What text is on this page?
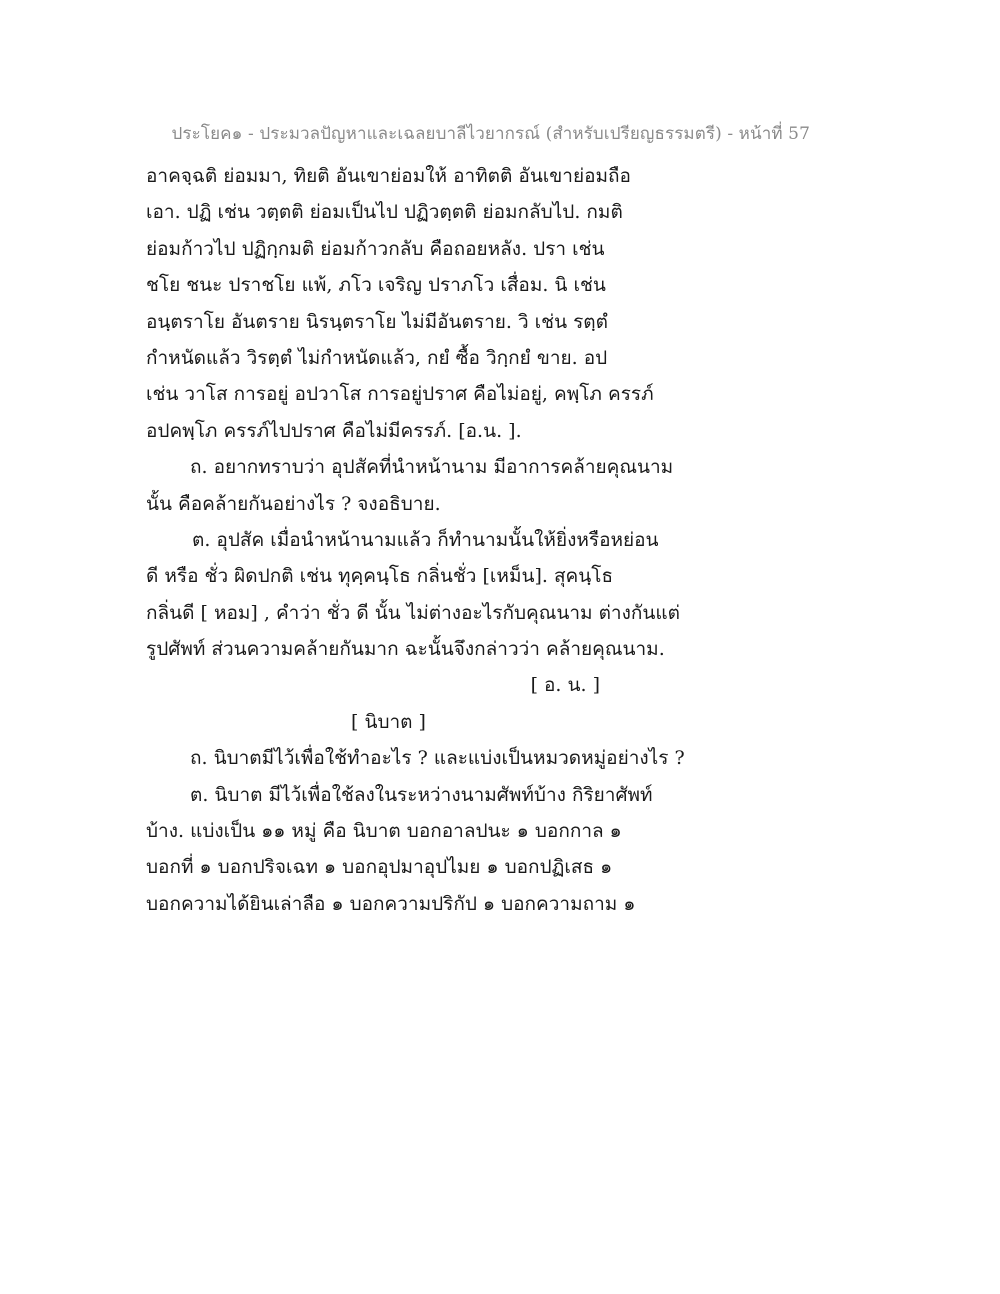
ประโยค๑ - ประมวลปัญหาและเฉลยบาลีไวยากรณ์ (สำหรับเปรียญธรรมตรี) - หน้าที่ 57
อาคจฺฉติ ย่อมมา, ทิยติ อันเขาย่อมให้ อาทิตติ อันเขาย่อมถือ
เอา. ปฏิ เช่น วตฺตติ ย่อมเป็นไป ปฏิวตฺตติ ย่อมกลับไป. กมติ
ย่อมก้าวไป ปฏิกฺกมติ ย่อมก้าวกลับ คือถอยหลัง. ปรา เช่น
ชโย ชนะ ปราชโย แพ้, ภโว เจริญ ปราภโว เสื่อม. นิ เช่น
อนฺตราโย อันตราย นิรนฺตราโย ไม่มีอันตราย. วิ เช่น รตฺตํ
กำหนัดแล้ว วิรตฺตํ ไม่กำหนัดแล้ว, กยํ ซื้อ วิกฺกยํ ขาย. อป
เช่น วาโส การอยู่ อปวาโส การอยู่ปราศ คือไม่อยู่, คพฺโภ ครรภ์
อปคพฺโภ ครรภ์ไปปราศ คือไม่มีครรภ์. [อ.น. ].
ถ. อยากทราบว่า อุปสัคที่นำหน้านาม มีอาการคล้ายคุณนาม
นั้น คือคล้ายกันอย่างไร ? จงอธิบาย.
ต. อุปสัค เมื่อนำหน้านามแล้ว ก็ทำนามนั้นให้ยิ่งหรือหย่อน
ดี หรือ ชั่ว ผิดปกติ เช่น ทุคฺคนฺโธ กลิ่นชั่ว [เหม็น]. สุคนฺโธ
กลิ่นดี [ หอม] , คำว่า ชั่ว ดี นั้น ไม่ต่างอะไรกับคุณนาม ต่างกันแต่
รูปศัพท์ ส่วนความคล้ายกันมาก ฉะนั้นจึงกล่าวว่า คล้ายคุณนาม.
[ อ. น. ]
[ นิบาต ]
ถ. นิบาตมีไว้เพื่อใช้ทำอะไร ? และแบ่งเป็นหมวดหมู่อย่างไร ?
ต. นิบาต มีไว้เพื่อใช้ลงในระหว่างนามศัพท์บ้าง กิริยาศัพท์
บ้าง. แบ่งเป็น ๑๑ หมู่ คือ นิบาต บอกอาลปนะ ๑ บอกกาล ๑
บอกที่ ๑ บอกปริจเฉท ๑ บอกอุปมาอุปไมย ๑ บอกปฏิเสธ ๑
บอกความได้ยินเล่าลือ ๑ บอกความปริกัป ๑ บอกความถาม ๑
